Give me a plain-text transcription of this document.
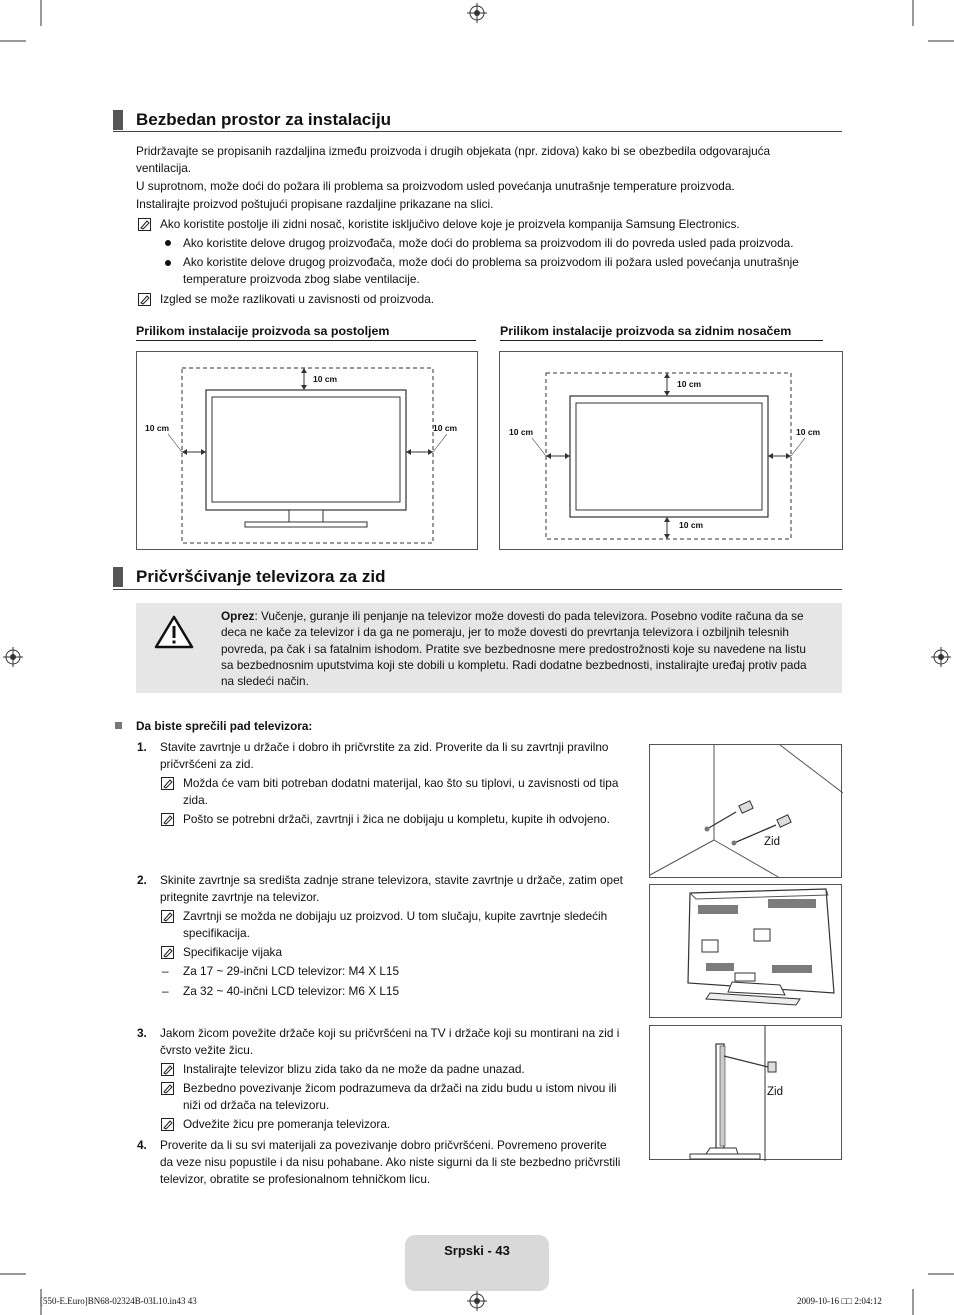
Bezbedan prostor za instalaciju
Pridržavajte se propisanih razdaljina između proizvoda i drugih objekata (npr. zidova) kako bi se obezbedila odgovarajuća
ventilacija.
U suprotnom, može doći do požara ili problema sa proizvodom usled povećanja unutrašnje temperature proizvoda.
Instalirajte proizvod poštujući propisane razdaljine prikazane na slici.
Ako koristite postolje ili zidni nosač, koristite isključivo delove koje je proizvela kompanija Samsung Electronics.
Ako koristite delove drugog proizvođača, može doći do problema sa proizvodom ili do povreda usled pada proizvoda.
Ako koristite delove drugog proizvođača, može doći do problema sa proizvodom ili požara usled povećanja unutrašnje
temperature proizvoda zbog slabe ventilacije.
Izgled se može razlikovati u zavisnosti od proizvoda.
Prilikom instalacije proizvoda sa postoljem	Prilikom instalacije proizvoda sa zidnim nosačem
10 cm
10 cm	10 cm
10 cm
10 cm
10 cm	10 cm
Pričvršćivanje televizora za zid
Oprez: Vučenje, guranje ili penjanje na televizor može dovesti do pada televizora. Posebno vodite računa da se
deca ne kače za televizor i da ga ne pomeraju, jer to može dovesti do prevrtanja televizora i ozbiljnih telesnih
povreda, pa čak i sa fatalnim ishodom. Pratite sve bezbednosne mere predostrožnosti koje su navedene na listu
sa bezbednosnim uputstvima koji ste dobili u kompletu. Radi dodatne bezbednosti, instalirajte uređaj protiv pada
na sledeći način.
Da biste sprečili pad televizora:
1. Stavite zavrtnje u držače i dobro ih pričvrstite za zid. Proverite da li su zavrtnji pravilno
pričvršćeni za zid.
Možda će vam biti potreban dodatni materijal, kao što su tiplovi, u zavisnosti od tipa
zida.
Pošto se potrebni držači, zavrtnji i žica ne dobijaju u kompletu, kupite ih odvojeno.
2. Skinite zavrtnje sa središta zadnje strane televizora, stavite zavrtnje u držače, zatim opet
pritegnite zavrtnje na televizor.
Zavrtnji se možda ne dobijaju uz proizvod. U tom slučaju, kupite zavrtnje sledećih
specifikacija.
Specifikacije vijaka
– Za 17 ~ 29-inčni LCD televizor: M4 X L15
– Za 32 ~ 40-inčni LCD televizor: M6 X L15
3. Jakom žicom povežite držače koji su pričvršćeni na TV i držače koji su montirani na zid i
čvrsto vežite žicu.
Instalirajte televizor blizu zida tako da ne može da padne unazad.
Bezbedno povezivanje žicom podrazumeva da držači na zidu budu u istom nivou ili
niži od držača na televizoru.
Odvežite žicu pre pomeranja televizora.
4. Proverite da li su svi materijali za povezivanje dobro pričvršćeni. Povremeno proverite
da veze nisu popustile i da nisu pohabane. Ako niste sigurni da li ste bezbedno pričvrstili
televizor, obratite se profesionalnom tehničkom licu.
Zid
Zid
Srpski - 43
[550-E.Euro]BN68-02324B-03L10.in43 43	2009-10-16 □□ 2:04:12
